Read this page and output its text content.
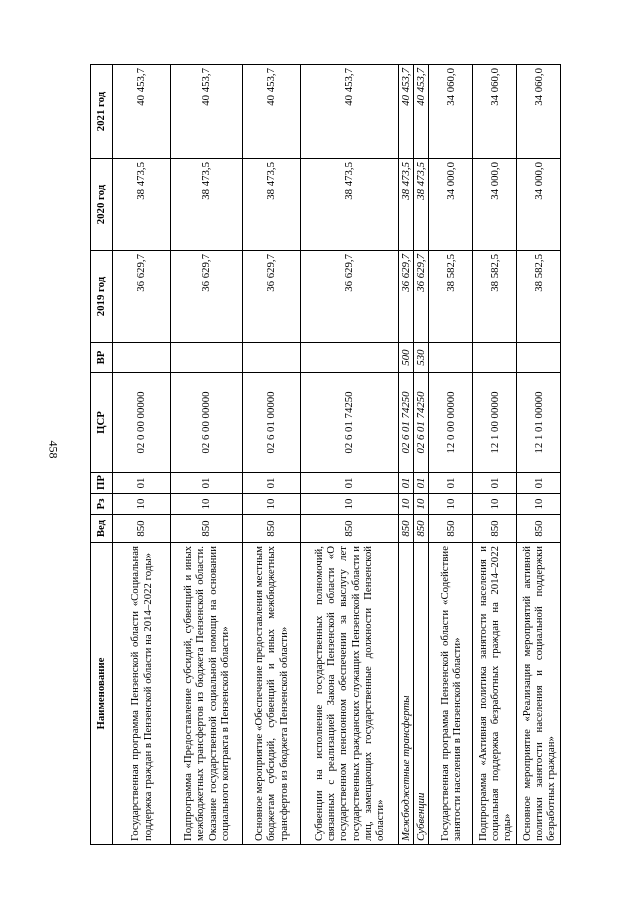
458
Наименование	Вед	Рз	ПР	ЦСР	ВР	2019 год	2020 год	2021 год
Государственная программа Пензенской области «Социальная поддержка граждан в Пензенской области на 2014–2022 годы»	850	10	01	02 0 00 00000		36 629,7	38 473,5	40 453,7
Подпрограмма «Предоставление субсидий, субвенций и иных межбюджетных трансфертов из бюджета Пензенской области. Оказание государственной социальной помощи на основании социального контракта в Пензенской области»	850	10	01	02 6 00 00000		36 629,7	38 473,5	40 453,7
Основное мероприятие «Обеспечение предоставления местным бюджетам субсидий, субвенций и иных межбюджетных трансфертов из бюджета Пензенской области»	850	10	01	02 6 01 00000		36 629,7	38 473,5	40 453,7
Субвенции на исполнение государственных полномочий, связанных с реализацией Закона Пензенской области «О государственном пенсионном обеспечении за выслугу лет государственных гражданских служащих Пензенской области и лиц, замещающих государственные должности Пензенской области»	850	10	01	02 6 01 74250		36 629,7	38 473,5	40 453,7
Межбюджетные трансферты	850	10	01	02 6 01 74250	500	36 629,7	38 473,5	40 453,7
Субвенции	850	10	01	02 6 01 74250	530	36 629,7	38 473,5	40 453,7
Государственная программа Пензенской области «Содействие занятости населения в Пензенской области»	850	10	01	12 0 00 00000		38 582,5	34 000,0	34 060,0
Подпрограмма «Активная политика занятости населения и социальная поддержка безработных граждан на 2014–2022 годы»	850	10	01	12 1 00 00000		38 582,5	34 000,0	34 060,0
Основное мероприятие «Реализация мероприятий активной политики занятости населения и социальной поддержки безработных граждан»	850	10	01	12 1 01 00000		38 582,5	34 000,0	34 060,0
